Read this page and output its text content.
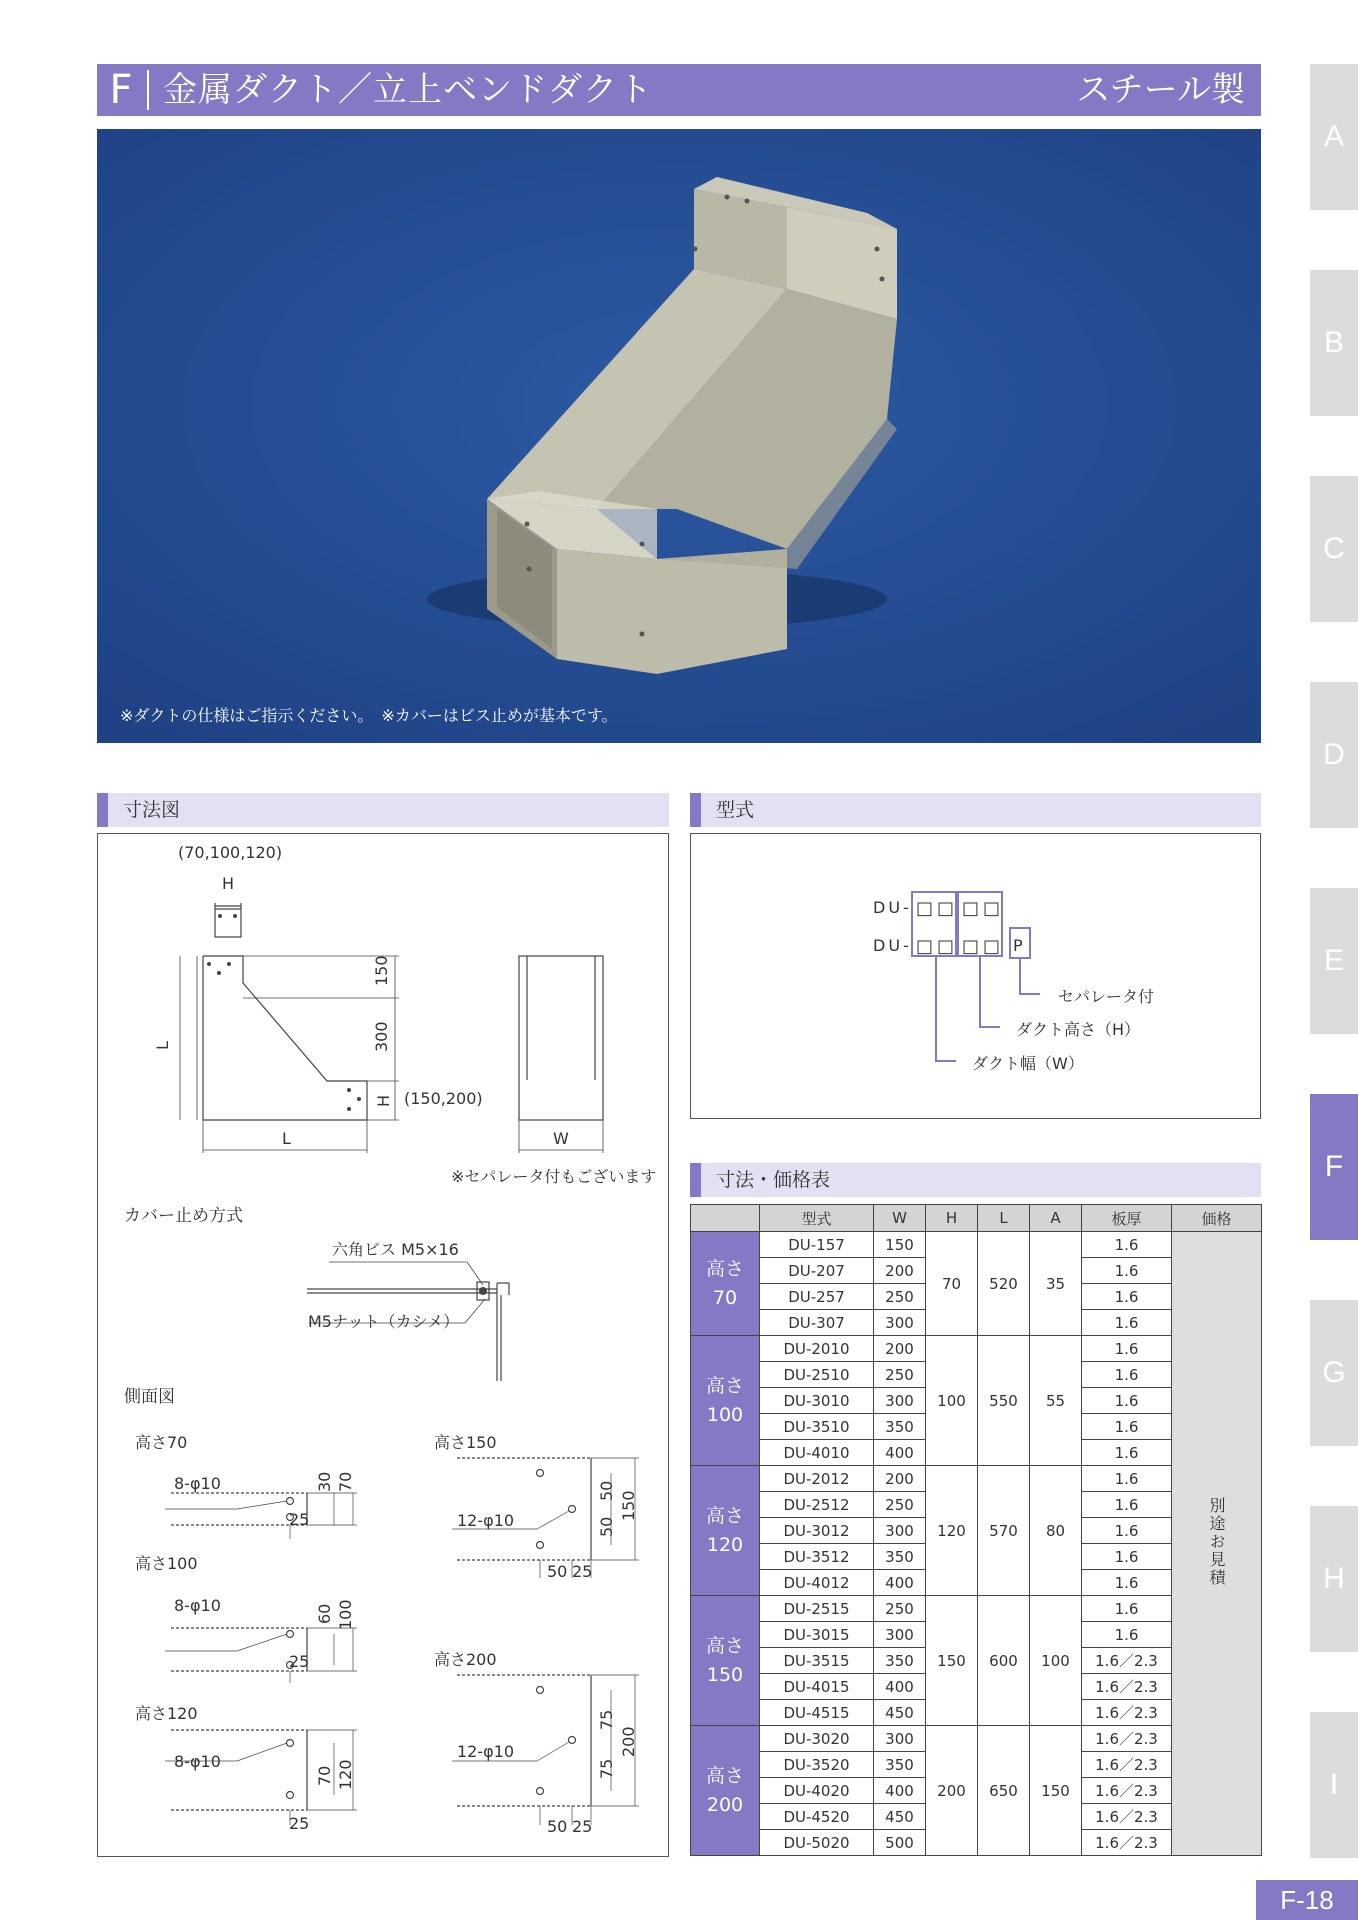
F 金属ダクト／立上ベンドダクト	スチール製
※ダクトの仕様はご指示ください。　※カバーはビス止めが基本です。
A
B
C
D
E
F
G
H
I
F-18
寸法図
(70,100,120)
H
150
300
H (150,200)
L
L	W
※セパレータ付もございます
カバー止め方式
六角ビス M5×16
M5ナット（カシメ）
側面図
高さ70
8-φ10	30 70
25
高さ100
8-φ10	60 100
25
高さ120
8-φ10
70 120
25
高さ150
12-φ10
50
50
150
50 25
高さ200
12-φ10
75
75
200
50 25
型式
DU-
DU-
□ □ □ □
□ □ □ □ P
セパレータ付
ダクト高さ（H）
ダクト幅（W）
寸法・価格表
	型式	W	H	L	A	板厚	価格

高さ
70	DU-157	150	70	520	35	1.6	別途お見積
	DU-207	200				1.6	
	DU-257	250				1.6	
	DU-307	300				1.6	

高さ
100	DU-2010	200	100	550	55	1.6	
	DU-2510	250				1.6	
	DU-3010	300				1.6	
	DU-3510	350				1.6	
	DU-4010	400				1.6	

高さ
120	DU-2012	200	120	570	80	1.6	
	DU-2512	250				1.6	
	DU-3012	300				1.6	
	DU-3512	350				1.6	
	DU-4012	400				1.6	

高さ
150	DU-2515	250	150	600	100	1.6	
	DU-3015	300				1.6	
	DU-3515	350				1.6／2.3	
	DU-4015	400				1.6／2.3	
	DU-4515	450				1.6／2.3	

高さ
200	DU-3020	300	200	650	150	1.6／2.3	
	DU-3520	350				1.6／2.3	
	DU-4020	400				1.6／2.3	
	DU-4520	450				1.6／2.3	
	DU-5020	500				1.6／2.3	
